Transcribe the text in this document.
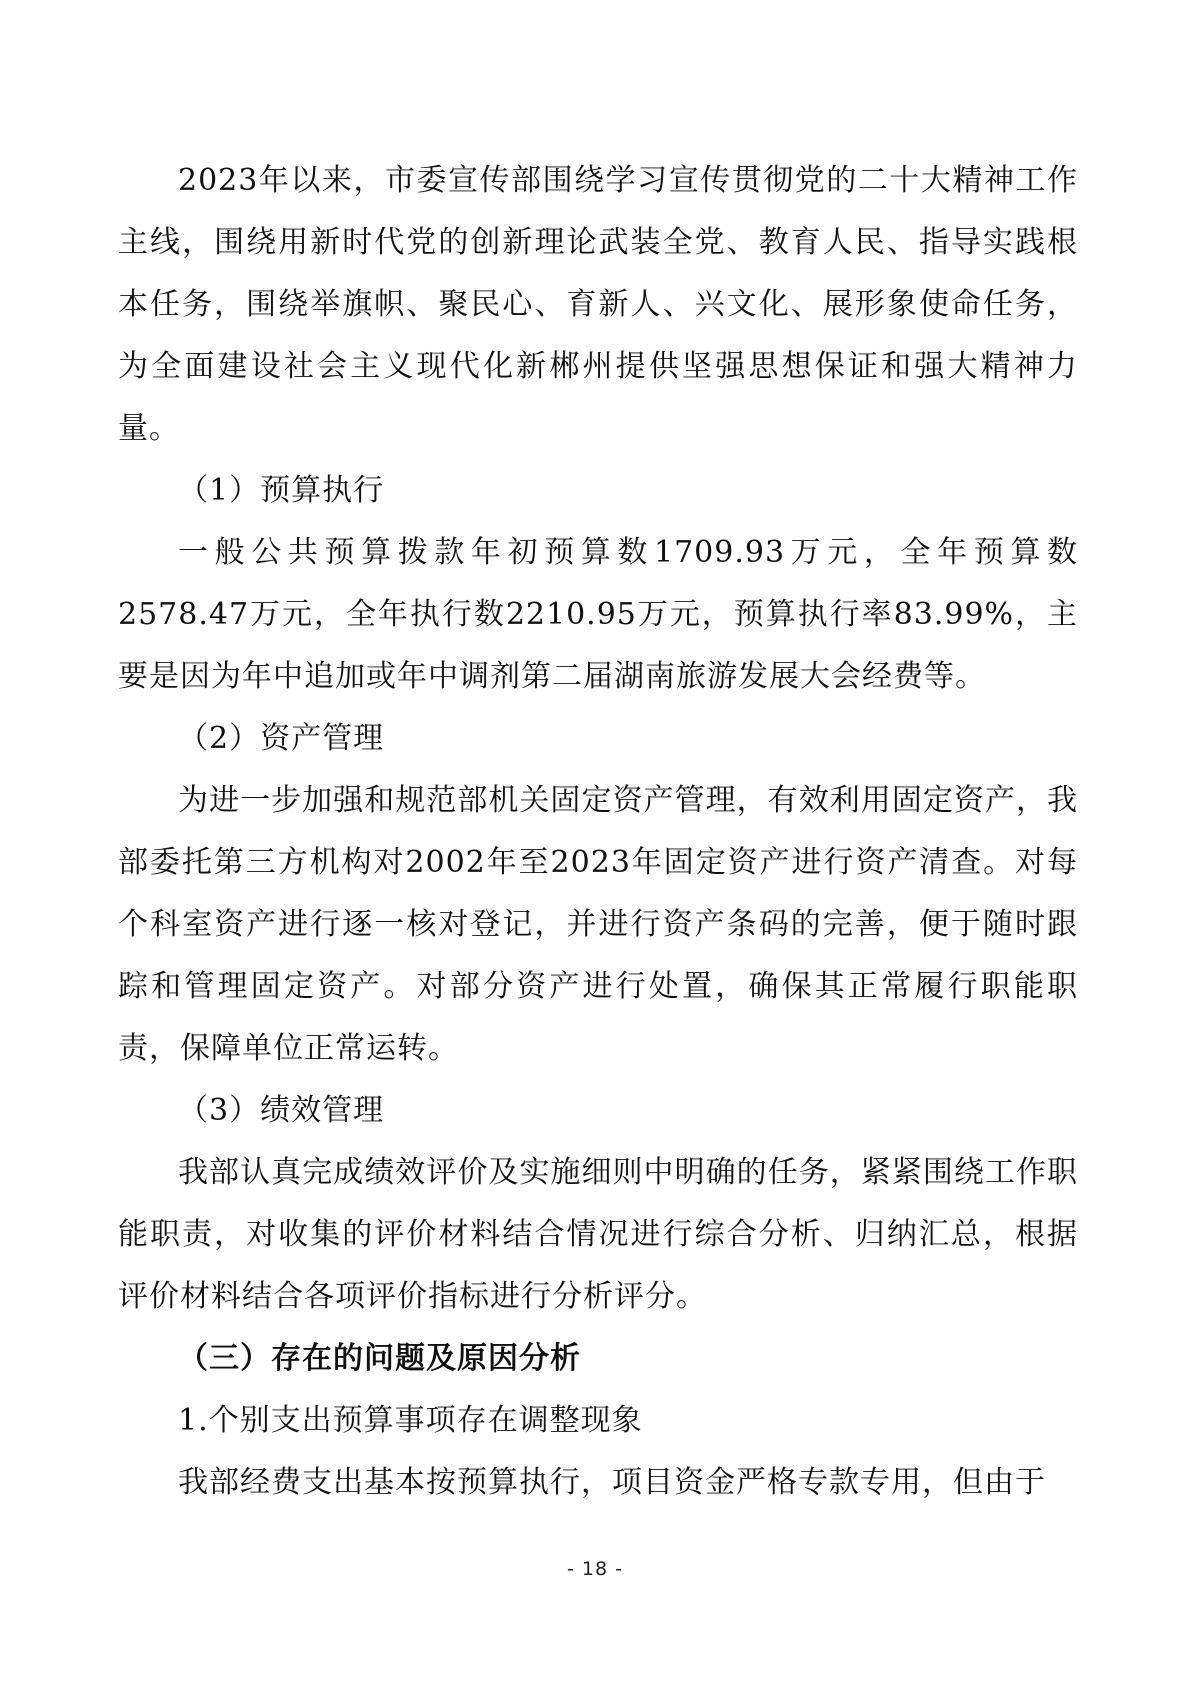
2023年以来，市委宣传部围绕学习宣传贯彻党的二十大精神工作主线，围绕用新时代党的创新理论武装全党、教育人民、指导实践根本任务，围绕举旗帜、聚民心、育新人、兴文化、展形象使命任务，为全面建设社会主义现代化新郴州提供坚强思想保证和强大精神力量。

（1）预算执行

一般公共预算拨款年初预算数1709.93万元，全年预算数2578.47万元，全年执行数2210.95万元，预算执行率83.99%，主要是因为年中追加或年中调剂第二届湖南旅游发展大会经费等。

（2）资产管理

为进一步加强和规范部机关固定资产管理，有效利用固定资产，我部委托第三方机构对2002年至2023年固定资产进行资产清查。对每个科室资产进行逐一核对登记，并进行资产条码的完善，便于随时跟踪和管理固定资产。对部分资产进行处置，确保其正常履行职能职责，保障单位正常运转。

（3）绩效管理

我部认真完成绩效评价及实施细则中明确的任务，紧紧围绕工作职能职责，对收集的评价材料结合情况进行综合分析、归纳汇总，根据评价材料结合各项评价指标进行分析评分。

（三）存在的问题及原因分析

1.个别支出预算事项存在调整现象

我部经费支出基本按预算执行，项目资金严格专款专用，但由于

- 18 -
